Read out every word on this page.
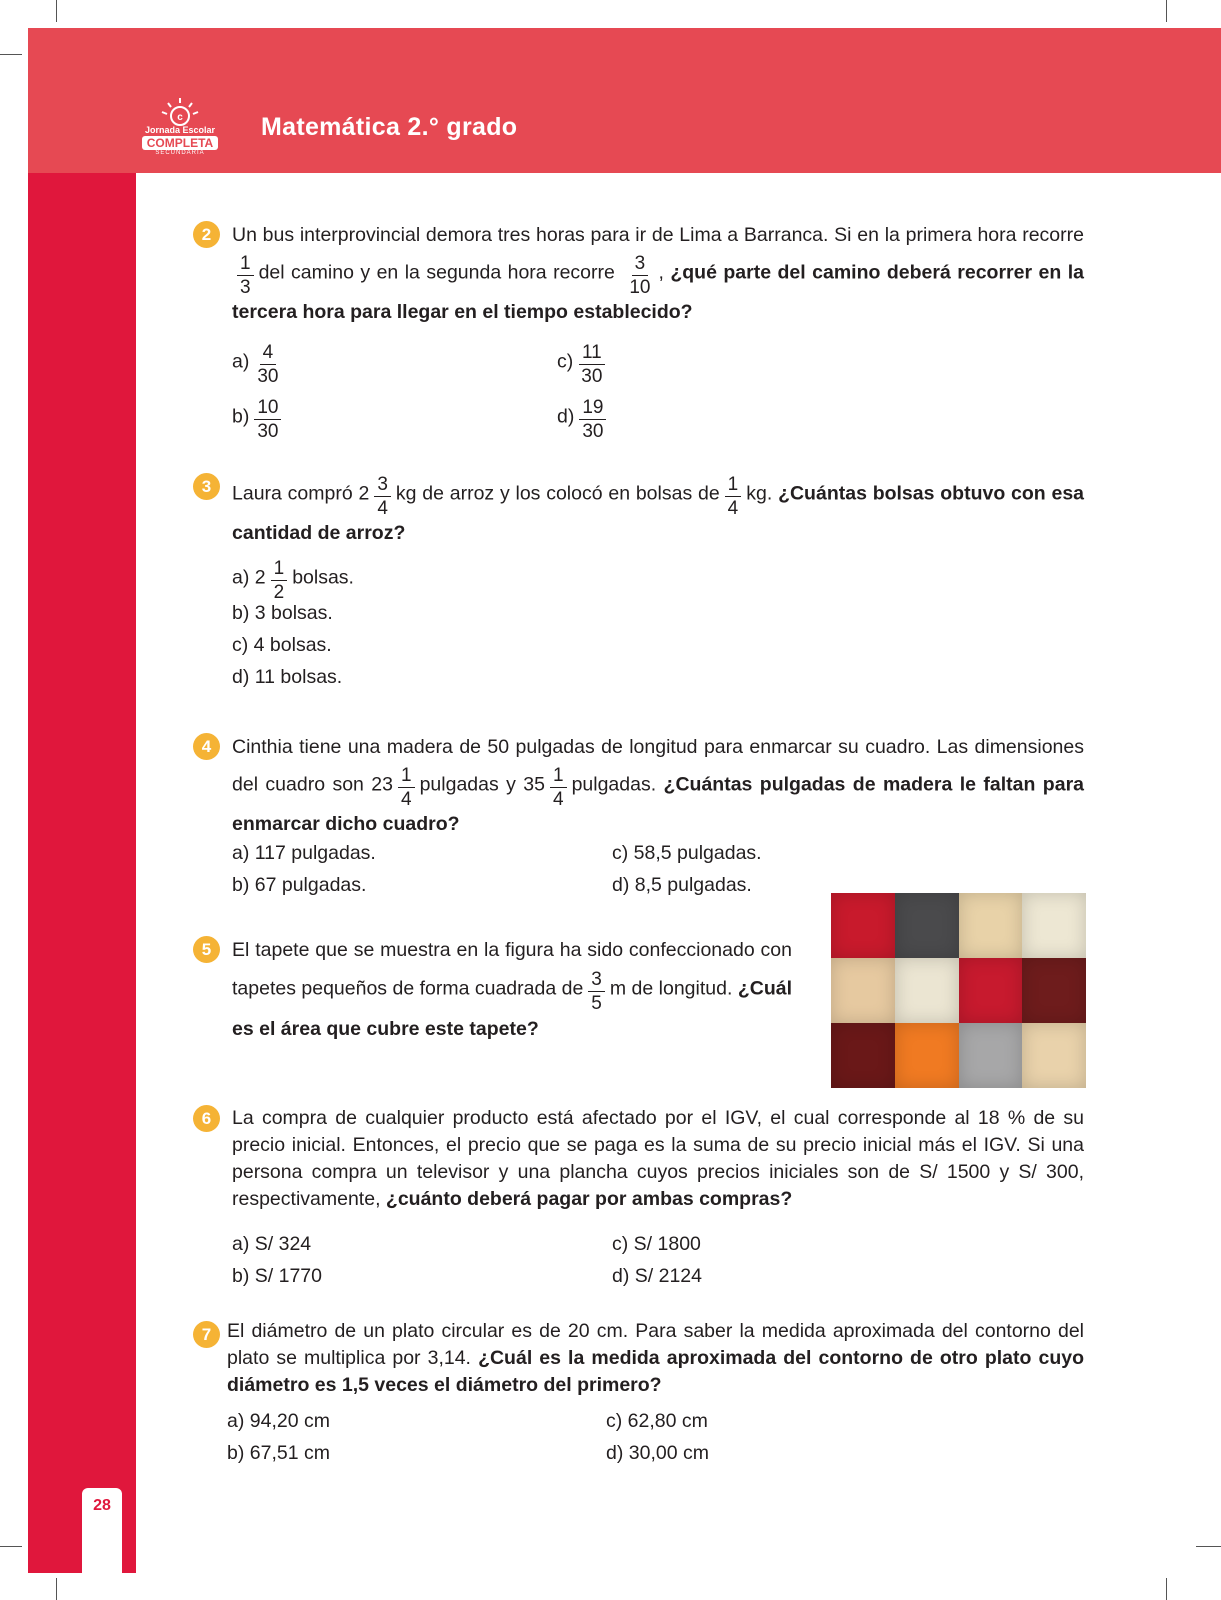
28
c
Jornada Escolar
COMPLETA
SECUNDARIA
Matemática 2.° grado
2	Un bus interprovincial demora tres horas para ir de Lima a Barranca. Si en la primera hora recorre
$\frac{1}{3}$ del camino y en la segunda hora recorre $\frac{3}{10}$ , ¿qué parte del camino deberá recorrer en la tercera hora para llegar en el tiempo establecido?

$a) \frac{4}{30}$
$b) \frac{10}{30}$
$c) \frac{11}{30}$
$d) \frac{19}{30}$
3	Laura compró $2 \frac{3}{4}$ kg de arroz y los colocó en bolsas de $\frac{1}{4}$ kg. ¿Cuántas bolsas obtuvo con esa cantidad de arroz?

a) $2 \frac{1}{2}$ bolsas.
b) 3 bolsas.
c) 4 bolsas.
d) 11 bolsas.
4	Cinthia tiene una madera de 50 pulgadas de longitud para enmarcar su cuadro. Las dimensiones del cuadro son $23 \frac{1}{4}$ pulgadas y $35 \frac{1}{4}$ pulgadas. ¿Cuántas pulgadas de madera le faltan para enmarcar dicho cuadro?

a) 117 pulgadas.
b) 67 pulgadas.
c) 58,5 pulgadas.
d) 8,5 pulgadas.
5	El tapete que se muestra en la figura ha sido confeccionado con tapetes pequeños de forma cuadrada de $\frac{3}{5}$ m de longitud. ¿Cuál es el área que cubre este tapete?

6	La compra de cualquier producto está afectado por el IGV, el cual corresponde al 18 % de su precio inicial. Entonces, el precio que se paga es la suma de su precio inicial más el IGV. Si una persona compra un televisor y una plancha cuyos precios iniciales son de S/ 1500 y S/ 300, respectivamente, ¿cuánto deberá pagar por ambas compras?

a) S/ 324
b) S/ 1770
c) S/ 1800
d) S/ 2124
7 El diámetro de un plato circular es de 20 cm. Para saber la medida aproximada del contorno del plato se multiplica por 3,14. ¿Cuál es la medida aproximada del contorno de otro plato cuyo diámetro es 1,5 veces el diámetro del primero?

a) 94,20 cm
b) 67,51 cm
c) 62,80 cm
d) 30,00 cm
